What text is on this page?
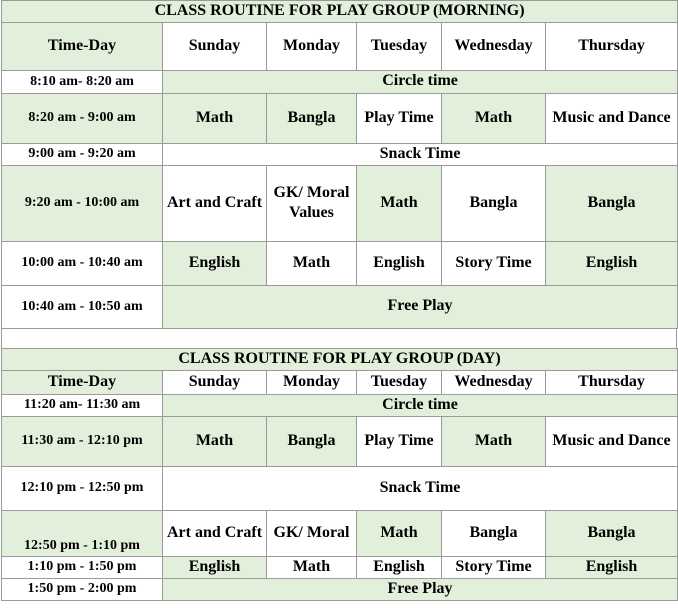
CLASS ROUTINE FOR PLAY GROUP (MORNING)					
Time-Day	Sunday	Monday	Tuesday	Wednesday	Thursday
8:10 am- 8:20 am	Circle time				
8:20 am - 9:00 am	Math	Bangla	Play Time	Math	Music and Dance
9:00 am - 9:20 am	Snack Time				
9:20 am - 10:00 am	Art and Craft	GK/ Moral Values	Math	Bangla	Bangla
10:00 am - 10:40 am	English	Math	English	Story Time	English
10:40 am - 10:50 am	Free Play				
CLASS ROUTINE FOR PLAY GROUP (DAY)					
Time-Day	Sunday	Monday	Tuesday	Wednesday	Thursday
11:20 am- 11:30 am	Circle time				
11:30 am - 12:10 pm	Math	Bangla	Play Time	Math	Music and Dance
12:10 pm - 12:50 pm	Snack Time				
12:50 pm - 1:10 pm	Art and Craft	GK/ Moral	Math	Bangla	Bangla
1:10 pm - 1:50 pm	English	Math	English	Story Time	English
1:50 pm - 2:00 pm	Free Play				
